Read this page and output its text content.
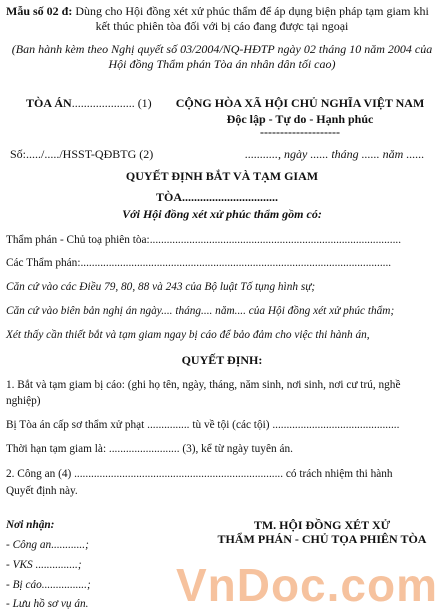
Mẫu số 02 đ: Dùng cho Hội đồng xét xử phúc thẩm để áp dụng biện pháp tạm giam khi
kết thúc phiên tòa đối với bị cáo đang được tại ngoại
(Ban hành kèm theo Nghị quyết số 03/2004/NQ-HĐTP ngày 02 tháng 10 năm 2004 của
Hội đồng Thẩm phán Tòa án nhân dân tối cao)
TÒA ÁN..................... (1)	CỘNG HÒA XÃ HỘI CHỦ NGHĨA VIỆT NAM
Độc lập - Tự do - Hạnh phúc
--------------------
Số:...../...../HSST-QĐBTG (2)	..........., ngày ...... tháng ...... năm ......
QUYẾT ĐỊNH BẮT VÀ TẠM GIAM
TÒA................................
Với Hội đồng xét xử phúc thẩm gồm có:
Thẩm phán - Chủ toạ phiên tòa:.........................................................................................
Các Thẩm phán:..............................................................................................................
Căn cứ vào các Điều 79, 80, 88 và 243 của Bộ luật Tố tụng hình sự;
Căn cứ vào biên bản nghị án ngày.... tháng.... năm.... của Hội đồng xét xử phúc thẩm;
Xét thấy cần thiết bắt và tạm giam ngay bị cáo để bảo đảm cho việc thi hành án,
QUYẾT ĐỊNH:
1. Bắt và tạm giam bị cáo: (ghi họ tên, ngày, tháng, năm sinh, nơi sinh, nơi cư trú, nghề
nghiệp)
Bị Tòa án cấp sơ thẩm xử phạt ............... tù về tội (các tội) .............................................
Thời hạn tạm giam là: ......................... (3), kể từ ngày tuyên án.
2. Công an (4) .......................................................................... có trách nhiệm thi hành
Quyết định này.
Nơi nhận:
- Công an............;
- VKS ...............;
- Bị cáo................;
- Lưu hồ sơ vụ án.
TM. HỘI ĐỒNG XÉT XỬ
THẨM PHÁN - CHỦ TỌA PHIÊN TÒA
VnDoc.com
